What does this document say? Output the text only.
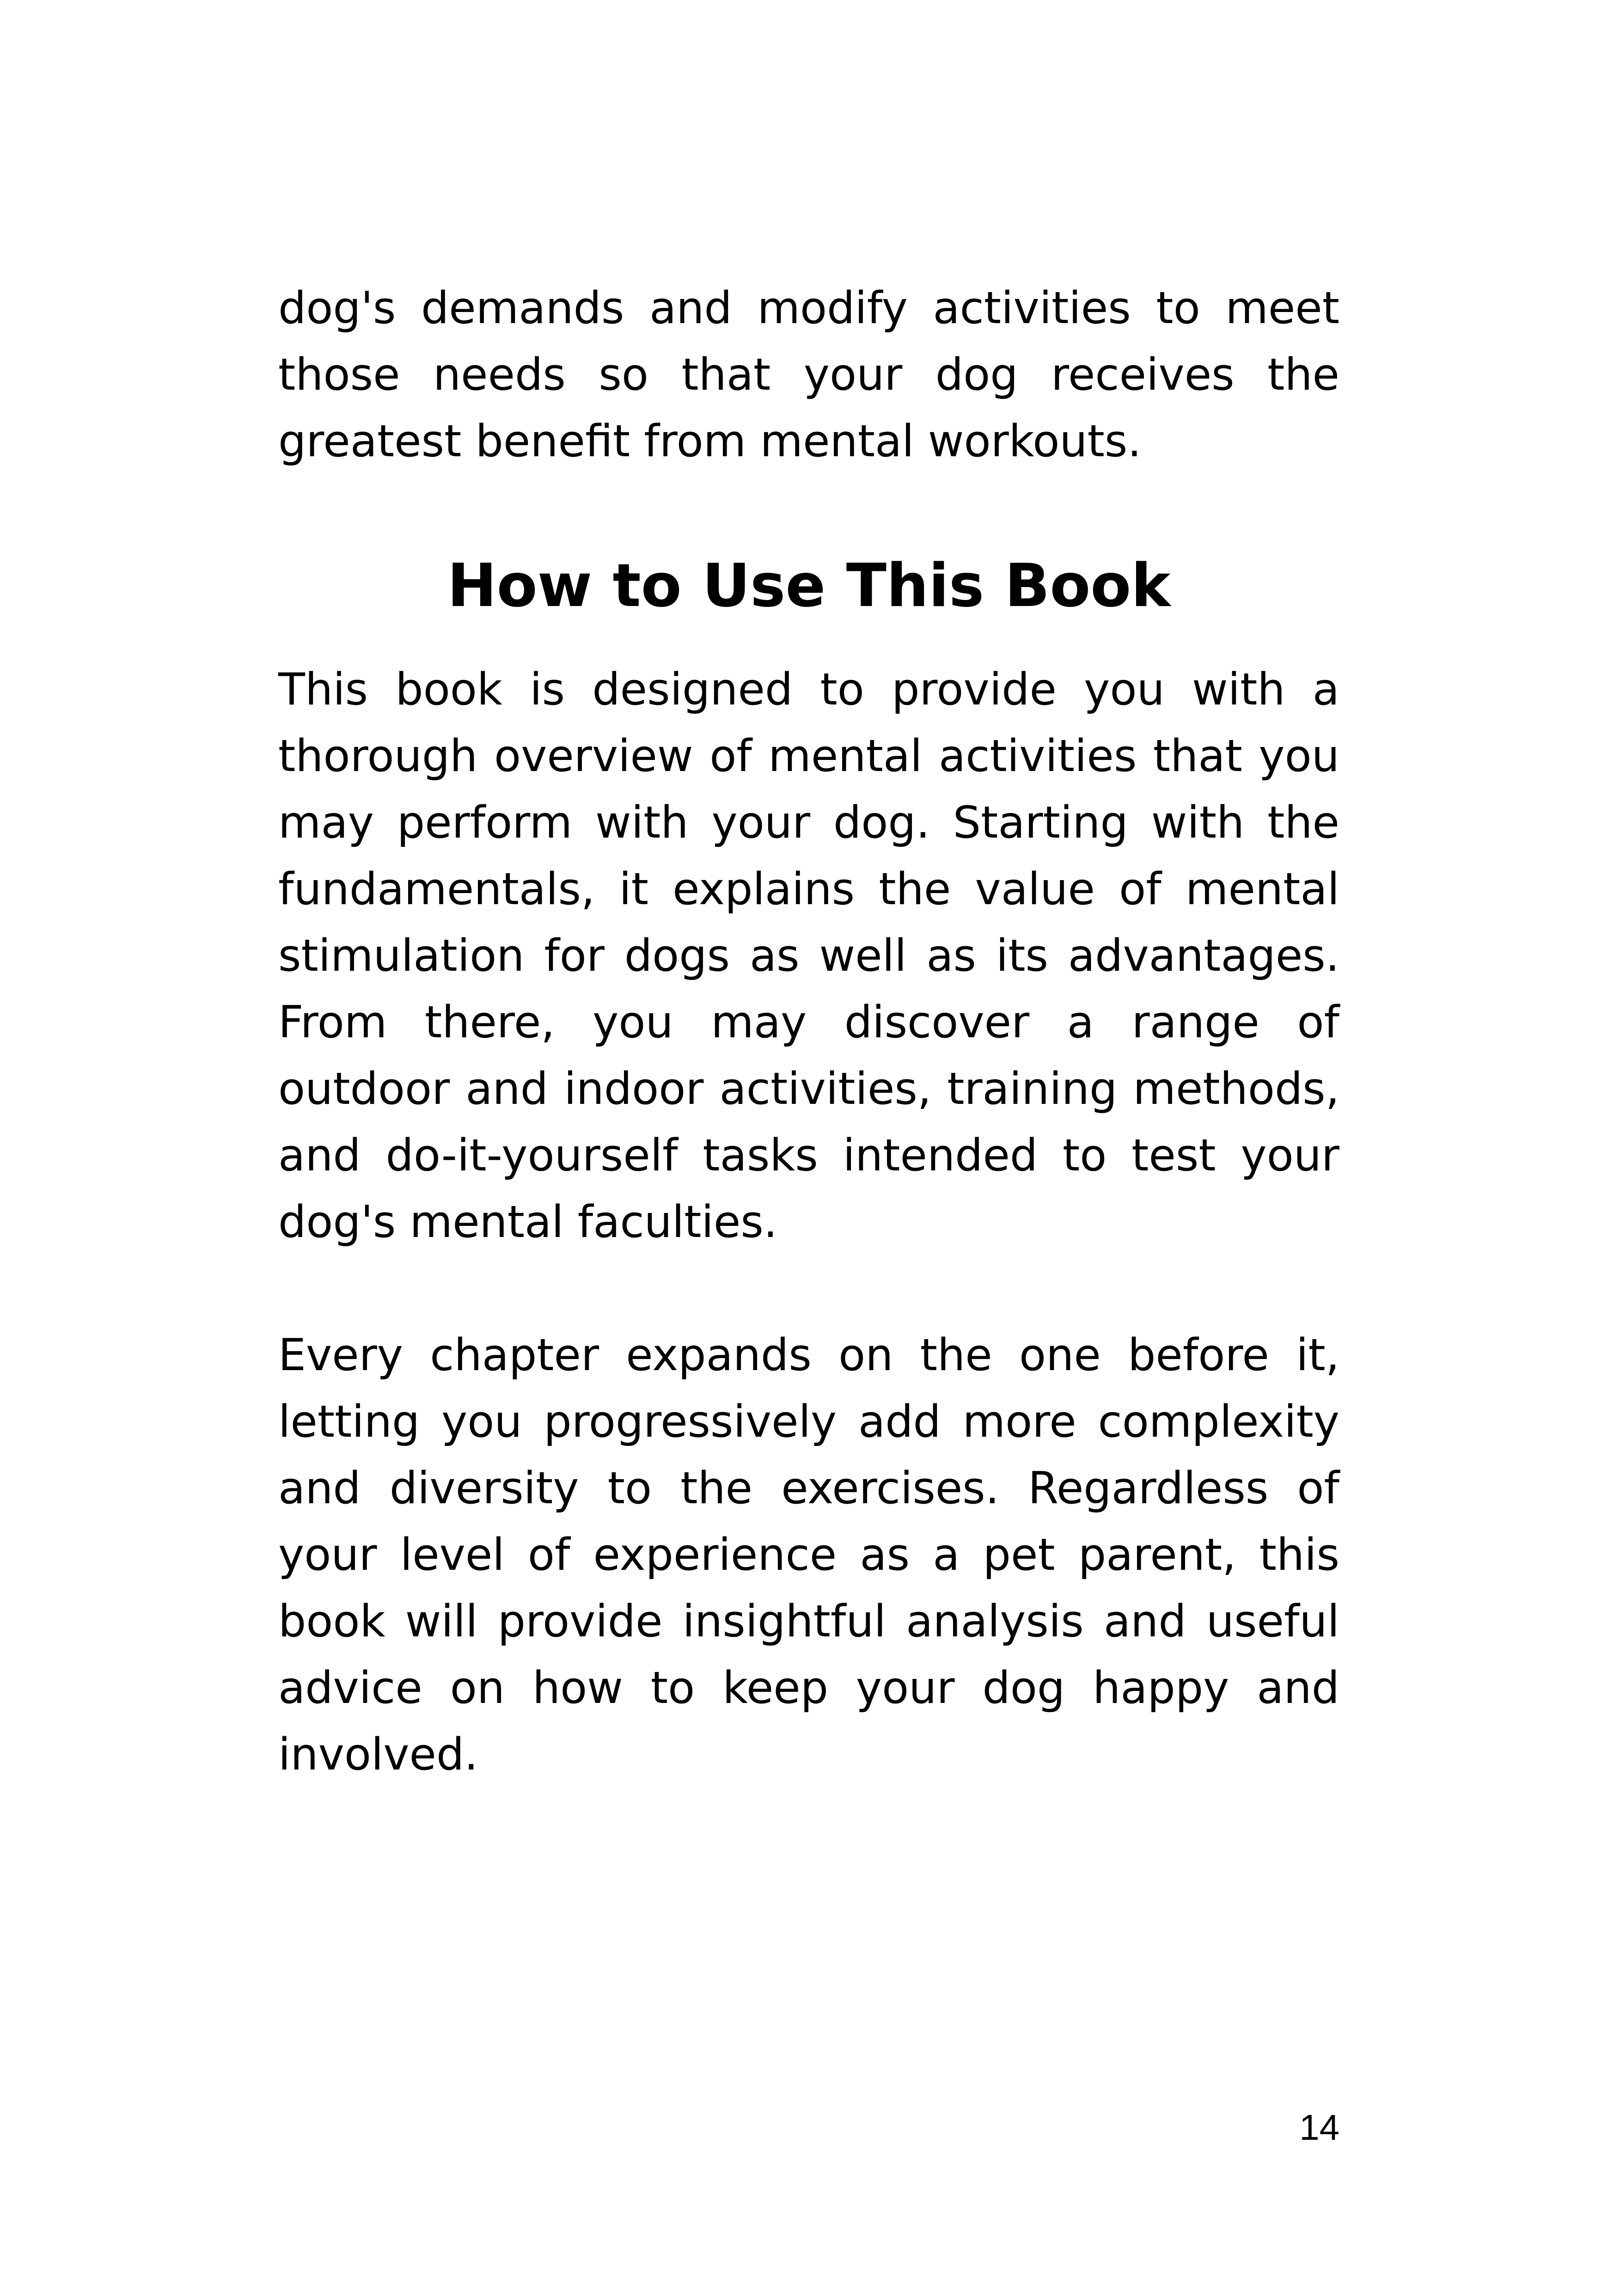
dog's demands and modify activities to meet those needs so that your dog receives the greatest benefit from mental workouts.

How to Use This Book

This book is designed to provide you with a thorough overview of mental activities that you may perform with your dog. Starting with the fundamentals, it explains the value of mental stimulation for dogs as well as its advantages. From there, you may discover a range of outdoor and indoor activities, training methods, and do-it-yourself tasks intended to test your dog's mental faculties.

Every chapter expands on the one before it, letting you progressively add more complexity and diversity to the exercises. Regardless of your level of experience as a pet parent, this book will provide insightful analysis and useful advice on how to keep your dog happy and involved.

14
